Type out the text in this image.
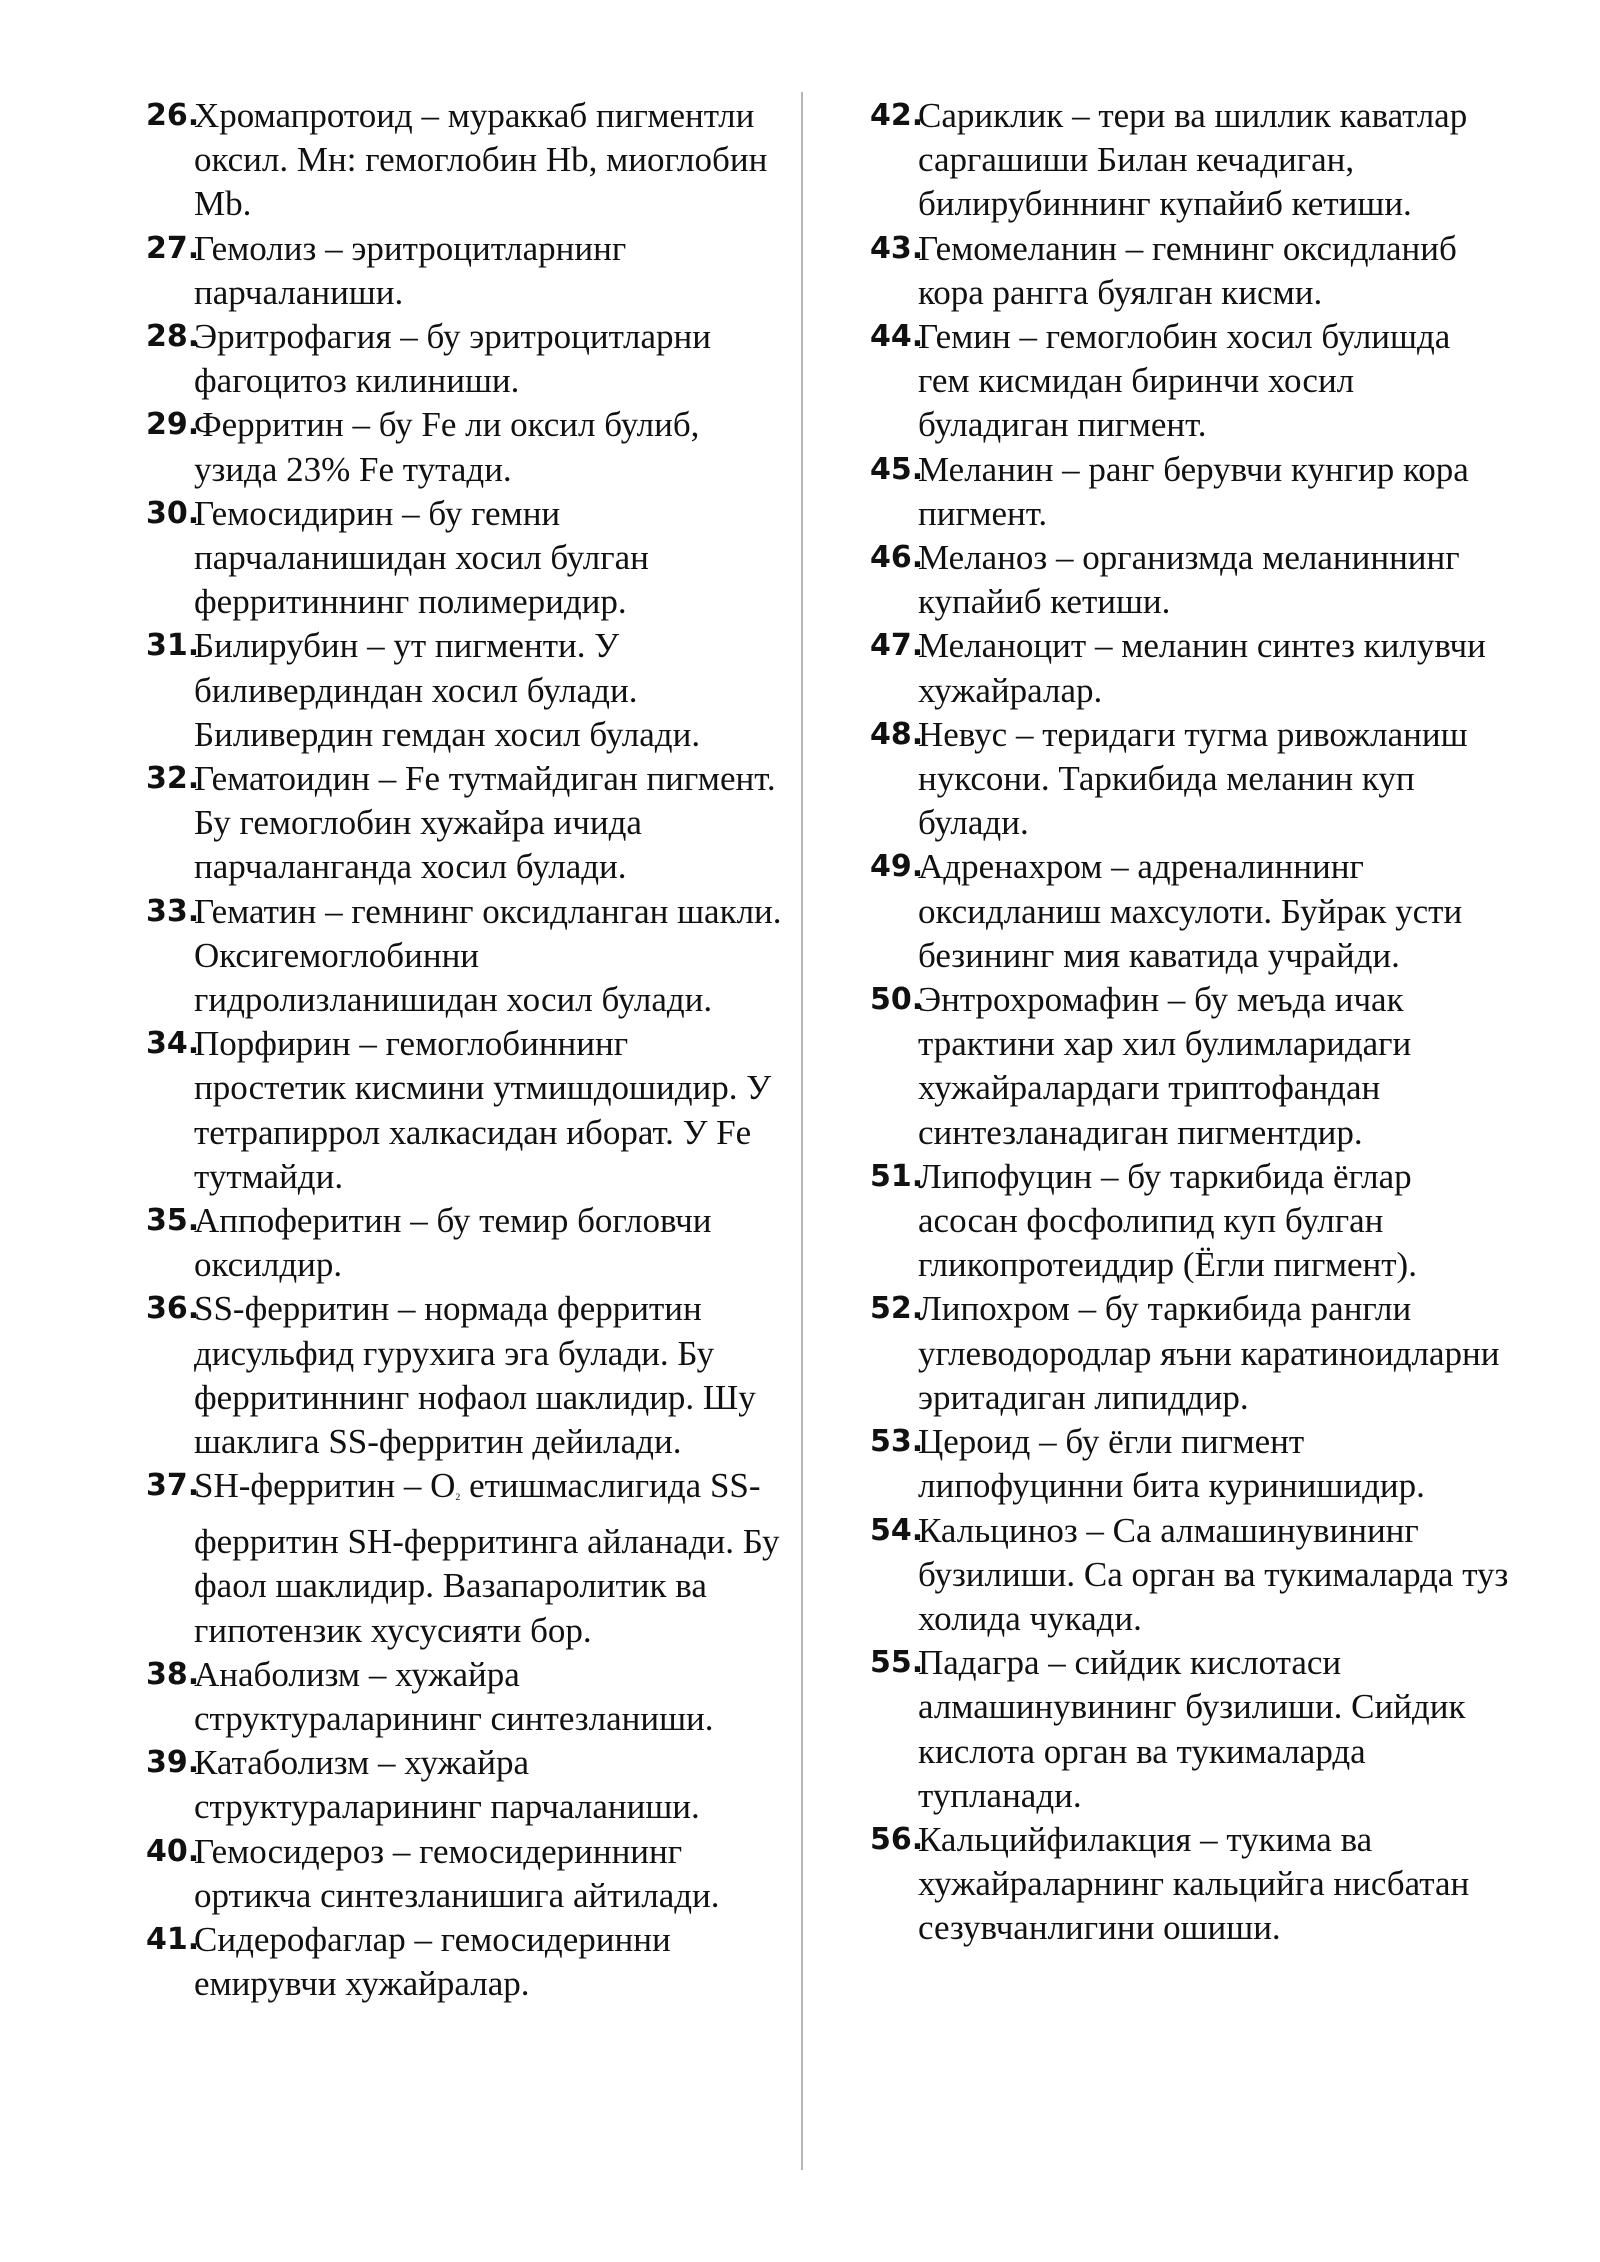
26.
Хромапротоид – мураккаб пигментли оксил. Мн: гемоглобин Hb, миоглобин Mb.

27.
Гемолиз – эритроцитларнинг парчаланиши.

28.
Эритрофагия – бу эритроцитларни фагоцитоз килиниши.

29.
Ферритин – бу Fe ли оксил булиб, узида 23% Fe тутади.

30.
Гемосидирин – бу гемни парчаланишидан хосил булган ферритиннинг полимеридир.

31.
Билирубин – ут пигменти. У биливердиндан хосил булади. Биливердин гемдан хосил булади.

32.
Гематоидин – Fe тутмайдиган пигмент. Бу гемоглобин хужайра ичида парчаланганда хосил булади.

33.
Гематин – гемнинг оксидланган шакли. Оксигемоглобинни гидролизланишидан хосил булади.

34.
Порфирин – гемоглобиннинг простетик кисмини утмишдошидир. У тетрапиррол халкасидан иборат. У Fe тутмайди.

35.
Аппоферитин – бу темир богловчи оксилдир.

36.
SS-ферритин – нормада ферритин дисульфид гурухига эга булади. Бу ферритиннинг нофаол шаклидир. Шу шаклига SS-ферритин дейилади.

37.
SH-ферритин – $O_2$ етишмаслигида SS-ферритин SH-ферритинга айланади. Бу фаол шаклидир. Вазапаролитик ва гипотензик хусусияти бор.

38.
Анаболизм – хужайра структураларининг синтезланиши.

39.
Катаболизм – хужайра структураларининг парчаланиши.

40.
Гемосидероз – гемосидериннинг ортикча синтезланишига айтилади.

41.
Сидерофаглар – гемосидеринни емирувчи хужайралар.

42.
Сариклик – тери ва шиллик каватлар саргашиши Билан кечадиган, билирубиннинг купайиб кетиши.

43.
Гемомеланин – гемнинг оксидланиб кора рангга буялган кисми.

44.
Гемин – гемоглобин хосил булишда гем кисмидан биринчи хосил буладиган пигмент.

45.
Меланин – ранг берувчи кунгир кора пигмент.

46.
Меланоз – организмда меланиннинг купайиб кетиши.

47.
Меланоцит – меланин синтез килувчи хужайралар.

48.
Невус – теридаги тугма ривожланиш нуксони. Таркибида меланин куп булади.

49.
Адренахром – адреналиннинг оксидланиш махсулоти. Буйрак усти безининг мия каватида учрайди.

50.
Энтрохромафин – бу меъда ичак трактини хар хил булимларидаги хужайралардаги триптофандан синтезланадиган пигментдир.

51.
Липофуцин – бу таркибида ёглар асосан фосфолипид куп булган гликопротеиддир (Ёгли пигмент).

52.
Липохром – бу таркибида рангли углеводородлар яъни каратиноидларни эритадиган липиддир.

53.
Цероид – бу ёгли пигмент липофуцинни бита куринишидир.

54.
Кальциноз – Са алмашинувининг бузилиши. Са орган ва тукималарда туз холида чукади.

55.
Падагра – сийдик кислотаси алмашинувининг бузилиши. Сийдик кислота орган ва тукималарда тупланади.

56.
Кальцийфилакция – тукима ва хужайраларнинг кальцийга нисбатан сезувчанлигини ошиши.
